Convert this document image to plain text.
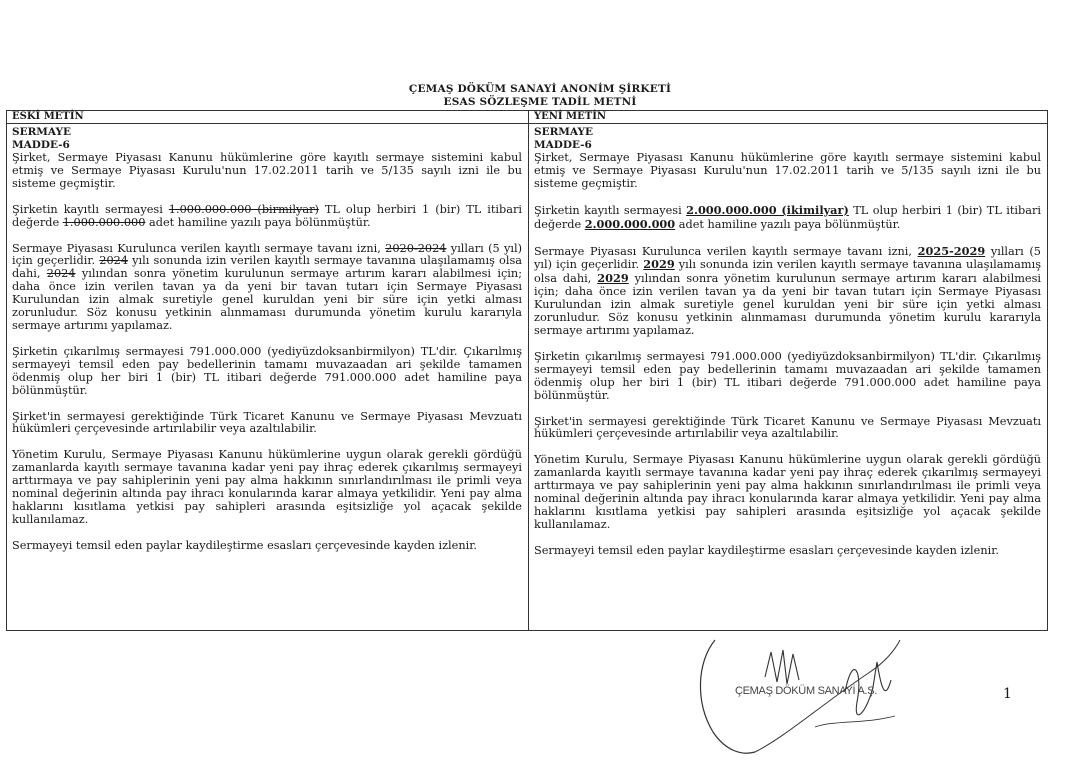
ÇEMAŞ DÖKÜM SANAYİ ANONİM ŞİRKETİ
ESAS SÖZLEŞME TADİL METNİ
ESKİ METİN
SERMAYE
MADDE-6

Şirket, Sermaye Piyasası Kanunu hükümlerine göre kayıtlı sermaye sistemini kabul etmiş ve Sermaye Piyasası Kurulu'nun 17.02.2011 tarih ve 5/135 sayılı izni ile bu sisteme geçmiştir.

Şirketin kayıtlı sermayesi 1.000.000.000 (birmilyar) TL olup herbiri 1 (bir) TL itibari değerde 1.000.000.000 adet hamiline yazılı paya bölünmüştür.

Sermaye Piyasası Kurulunca verilen kayıtlı sermaye tavanı izni, 2020-2024 yılları (5 yıl) için geçerlidir. 2024 yılı sonunda izin verilen kayıtlı sermaye tavanına ulaşılamamış olsa dahi, 2024 yılından sonra yönetim kurulunun sermaye artırım kararı alabilmesi için; daha önce izin verilen tavan ya da yeni bir tavan tutarı için Sermaye Piyasası Kurulundan izin almak suretiyle genel kuruldan yeni bir süre için yetki alması zorunludur. Söz konusu yetkinin alınmaması durumunda yönetim kurulu kararıyla sermaye artırımı yapılamaz.

Şirketin çıkarılmış sermayesi 791.000.000 (yediyüzdoksanbirmilyon) TL'dir. Çıkarılmış sermayeyi temsil eden pay bedellerinin tamamı muvazaadan ari şekilde tamamen ödenmiş olup her biri 1 (bir) TL itibari değerde 791.000.000 adet hamiline paya bölünmüştür.

Şirket'in sermayesi gerektiğinde Türk Ticaret Kanunu ve Sermaye Piyasası Mevzuatı hükümleri çerçevesinde artırılabilir veya azaltılabilir.

Yönetim Kurulu, Sermaye Piyasası Kanunu hükümlerine uygun olarak gerekli gördüğü zamanlarda kayıtlı sermaye tavanına kadar yeni pay ihraç ederek çıkarılmış sermayeyi arttırmaya ve pay sahiplerinin yeni pay alma hakkının sınırlandırılması ile primli veya nominal değerinin altında pay ihracı konularında karar almaya yetkilidir. Yeni pay alma haklarını kısıtlama yetkisi pay sahipleri arasında eşitsizliğe yol açacak şekilde kullanılamaz.

Sermayeyi temsil eden paylar kaydileştirme esasları çerçevesinde kayden izlenir.

YENİ METİN
SERMAYE
MADDE-6

Şirket, Sermaye Piyasası Kanunu hükümlerine göre kayıtlı sermaye sistemini kabul etmiş ve Sermaye Piyasası Kurulu'nun 17.02.2011 tarih ve 5/135 sayılı izni ile bu sisteme geçmiştir.

Şirketin kayıtlı sermayesi 2.000.000.000 (ikimilyar) TL olup herbiri 1 (bir) TL itibari değerde 2.000.000.000 adet hamiline yazılı paya bölünmüştür.

Sermaye Piyasası Kurulunca verilen kayıtlı sermaye tavanı izni, 2025-2029 yılları (5 yıl) için geçerlidir. 2029 yılı sonunda izin verilen kayıtlı sermaye tavanına ulaşılamamış olsa dahi, 2029 yılından sonra yönetim kurulunun sermaye artırım kararı alabilmesi için; daha önce izin verilen tavan ya da yeni bir tavan tutarı için Sermaye Piyasası Kurulundan izin almak suretiyle genel kuruldan yeni bir süre için yetki alması zorunludur. Söz konusu yetkinin alınmaması durumunda yönetim kurulu kararıyla sermaye artırımı yapılamaz.

Şirketin çıkarılmış sermayesi 791.000.000 (yediyüzdoksanbirmilyon) TL'dir. Çıkarılmış sermayeyi temsil eden pay bedellerinin tamamı muvazaadan ari şekilde tamamen ödenmiş olup her biri 1 (bir) TL itibari değerde 791.000.000 adet hamiline paya bölünmüştür.

Şirket'in sermayesi gerektiğinde Türk Ticaret Kanunu ve Sermaye Piyasası Mevzuatı hükümleri çerçevesinde artırılabilir veya azaltılabilir.

Yönetim Kurulu, Sermaye Piyasası Kanunu hükümlerine uygun olarak gerekli gördüğü zamanlarda kayıtlı sermaye tavanına kadar yeni pay ihraç ederek çıkarılmış sermayeyi arttırmaya ve pay sahiplerinin yeni pay alma hakkının sınırlandırılması ile primli veya nominal değerinin altında pay ihracı konularında karar almaya yetkilidir. Yeni pay alma haklarını kısıtlama yetkisi pay sahipleri arasında eşitsizliğe yol açacak şekilde kullanılamaz.

Sermayeyi temsil eden paylar kaydileştirme esasları çerçevesinde kayden izlenir.

ÇEMAŞ DÖKÜM SANAYİ A.Ş.	1
